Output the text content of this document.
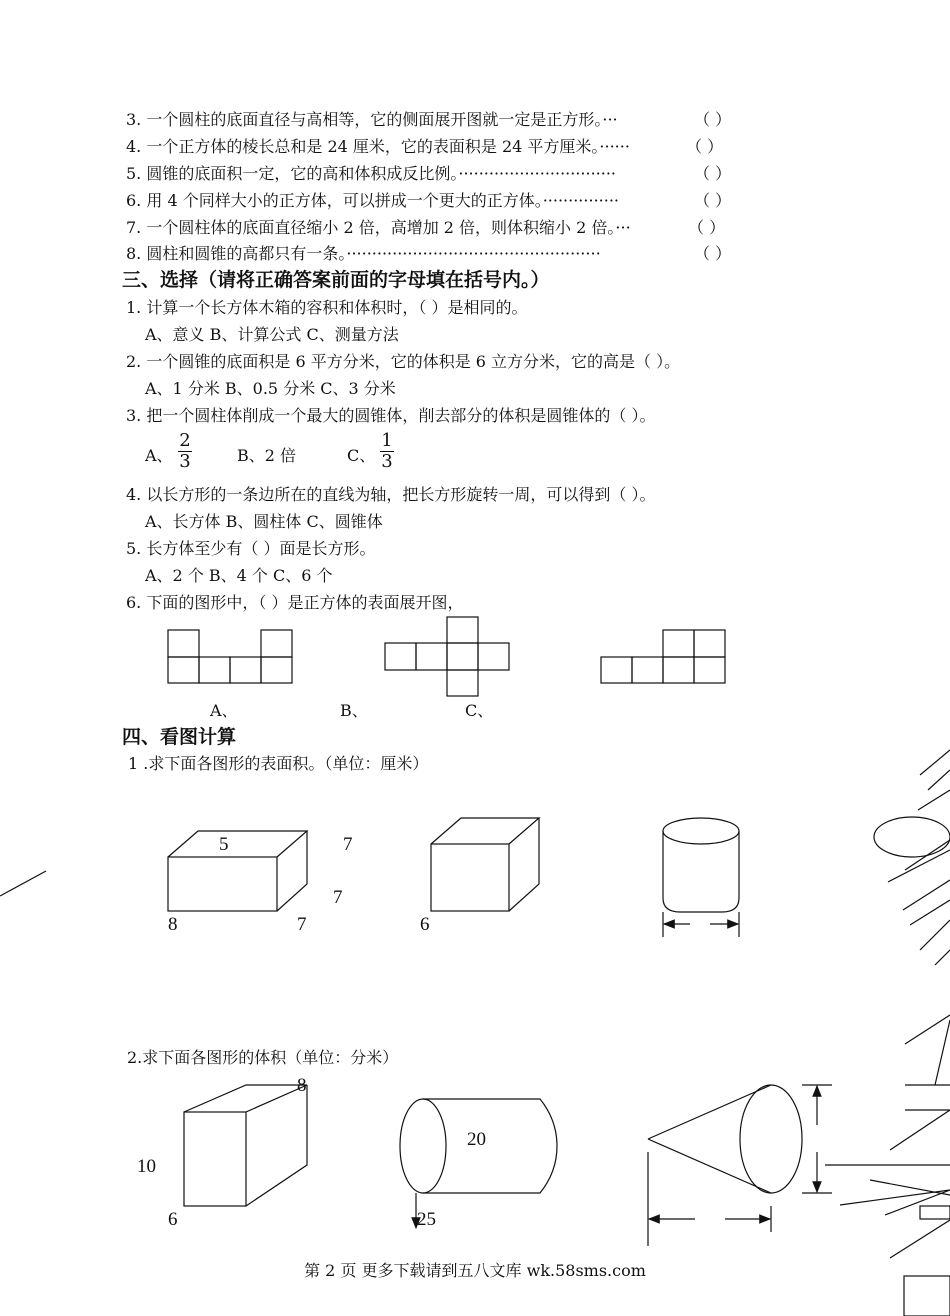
3. 一个圆柱的底面直径与高相等，它的侧面展开图就一定是正方形。···	（ ）
4. 一个正方体的棱长总和是 24 厘米，它的表面积是 24 平方厘米。······	（ ）
5. 圆锥的底面积一定，它的高和体积成反比例。·······························	（ ）
6. 用 4 个同样大小的正方体，可以拼成一个更大的正方体。···············	（ ）
7. 一个圆柱体的底面直径缩小 2 倍，高增加 2 倍，则体积缩小 2 倍。···	（ ）
8. 圆柱和圆锥的高都只有一条。··················································	（ ）
三、选择（请将正确答案前面的字母填在括号内。）
1. 计算一个长方体木箱的容积和体积时，（ ）是相同的。
A、意义 B、计算公式 C、测量方法
2. 一个圆锥的底面积是 6 平方分米，它的体积是 6 立方分米，它的高是（ ）。
A、1 分米 B、0.5 分米 C、3 分米
3. 把一个圆柱体削成一个最大的圆锥体，削去部分的体积是圆锥体的（ ）。
A、
2
3	B、2 倍	C、
1
3
4. 以长方形的一条边所在的直线为轴，把长方形旋转一周，可以得到（ ）。
A、长方体 B、圆柱体 C、圆锥体
5. 长方体至少有（ ）面是长方形。
A、2 个 B、4 个 C、6 个
6. 下面的图形中，（ ）是正方体的表面展开图，
A、	B、	C、
四、看图计算
1 .求下面各图形的表面积。（单位：厘米）
5	7
7
8	7	6
2.求下面各图形的体积（单位：分米）
8
10
6
20
25
第 2 页 更多下载请到五八文库 wk.58sms.com
